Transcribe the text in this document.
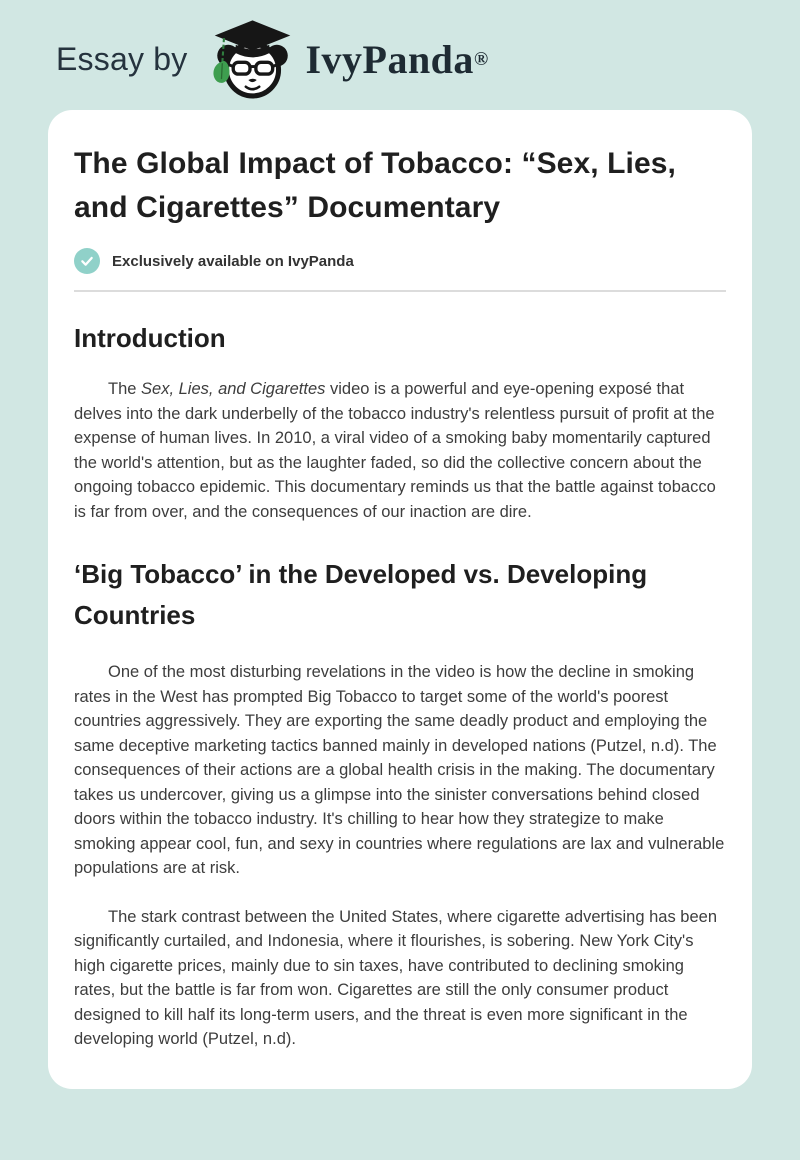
Essay by	IvyPanda ®
The Global Impact of Tobacco: “Sex, Lies, and Cigarettes” Documentary
Exclusively available on IvyPanda
Introduction

The Sex, Lies, and Cigarettes video is a powerful and eye-opening exposé that delves into the dark underbelly of the tobacco industry's relentless pursuit of profit at the expense of human lives. In 2010, a viral video of a smoking baby momentarily captured the world's attention, but as the laughter faded, so did the collective concern about the ongoing tobacco epidemic. This documentary reminds us that the battle against tobacco is far from over, and the consequences of our inaction are dire.

‘Big Tobacco’ in the Developed vs. Developing Countries

One of the most disturbing revelations in the video is how the decline in smoking rates in the West has prompted Big Tobacco to target some of the world's poorest countries aggressively. They are exporting the same deadly product and employing the same deceptive marketing tactics banned mainly in developed nations (Putzel, n.d). The consequences of their actions are a global health crisis in the making. The documentary takes us undercover, giving us a glimpse into the sinister conversations behind closed doors within the tobacco industry. It's chilling to hear how they strategize to make smoking appear cool, fun, and sexy in countries where regulations are lax and vulnerable populations are at risk.

The stark contrast between the United States, where cigarette advertising has been significantly curtailed, and Indonesia, where it flourishes, is sobering. New York City's high cigarette prices, mainly due to sin taxes, have contributed to declining smoking rates, but the battle is far from won. Cigarettes are still the only consumer product designed to kill half its long-term users, and the threat is even more significant in the developing world (Putzel, n.d).
